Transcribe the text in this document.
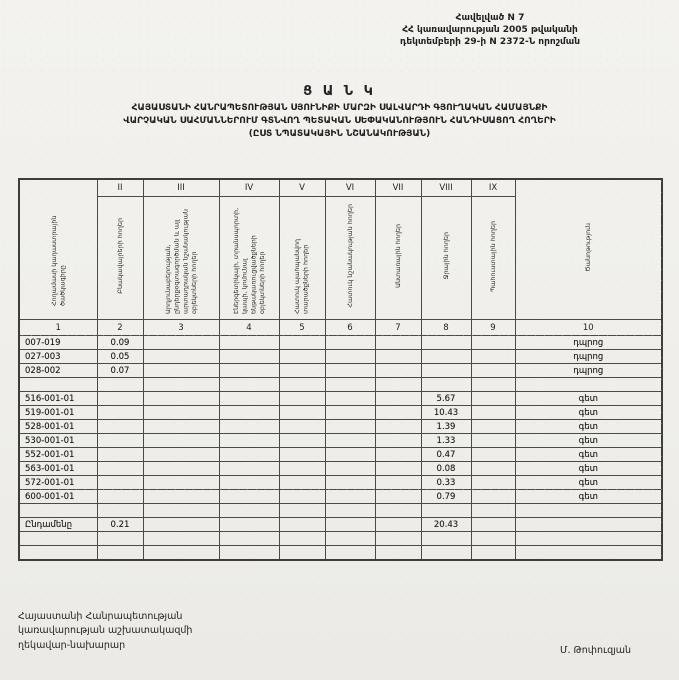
Հավելված N 7
ՀՀ կառավարության 2005 թվականի
դեկտեմբերի 29-ի N 2372-Ն որոշման
Ց Ա Ն Կ
ՀԱՅԱՍՏԱՆԻ ՀԱՆՐԱՊԵՏՈՒԹՅԱՆ ՍՅՈՒՆԻՔԻ ՄԱՐԶԻ ՍԱԼՎԱՐԴԻ ԳՅՈՒՂԱԿԱՆ ՀԱՄԱՅՆՔԻ
ՎԱՐՉԱԿԱՆ ՍԱՀՄԱՆՆԵՐՈՒՄ ԳՏՆՎՈՂ ՊԵՏԱԿԱՆ ՍԵՓԱԿԱՆՈՒԹՅՈՒՆ ՀԱՆԴԻՍԱՑՈՂ ՀՈՂԵՐԻ
(ԸՍՏ ՆՊԱՏԱԿԱՅԻՆ ՆՇԱՆԱԿՈՒԹՅԱՆ)
Հողամասի կադաստրային ծածկագիրը	II	III	IV	V	VI	VII	VIII	IX	Ծանոթություն
	Բնակավայրերի հողեր	Արդյունաբերության, ընդերքօգտագործման և այլ արտադրական նշանակության օբյեկտների հողեր	Էներգետիկայի, տրանսպորտի, կապի, կոմունալ ենթակառուցվածքների օբյեկտների հողեր	Հատուկ պահպանվող տարածքների հողեր	Հատուկ նշանակության հողեր	Անտառային հողեր	Ջրային հողեր	Պահուստային հողեր	
1	2	3	4	5	6	7	8	9	10
007-019	0.09								դպրոց
027-003	0.05								դպրոց
028-002	0.07								դպրոց

516-001-01							5.67		գետ
519-001-01							10.43		գետ
528-001-01							1.39		գետ
530-001-01							1.33		գետ
552-001-01							0.47		գետ
563-001-01							0.08		գետ
572-001-01							0.33		գետ
600-001-01							0.79		գետ

Ընդամենը	0.21						20.43		

Հայաստանի Հանրապետության
կառավարության աշխատակազմի
ղեկավար-նախարար	Մ. Թոփուզյան
